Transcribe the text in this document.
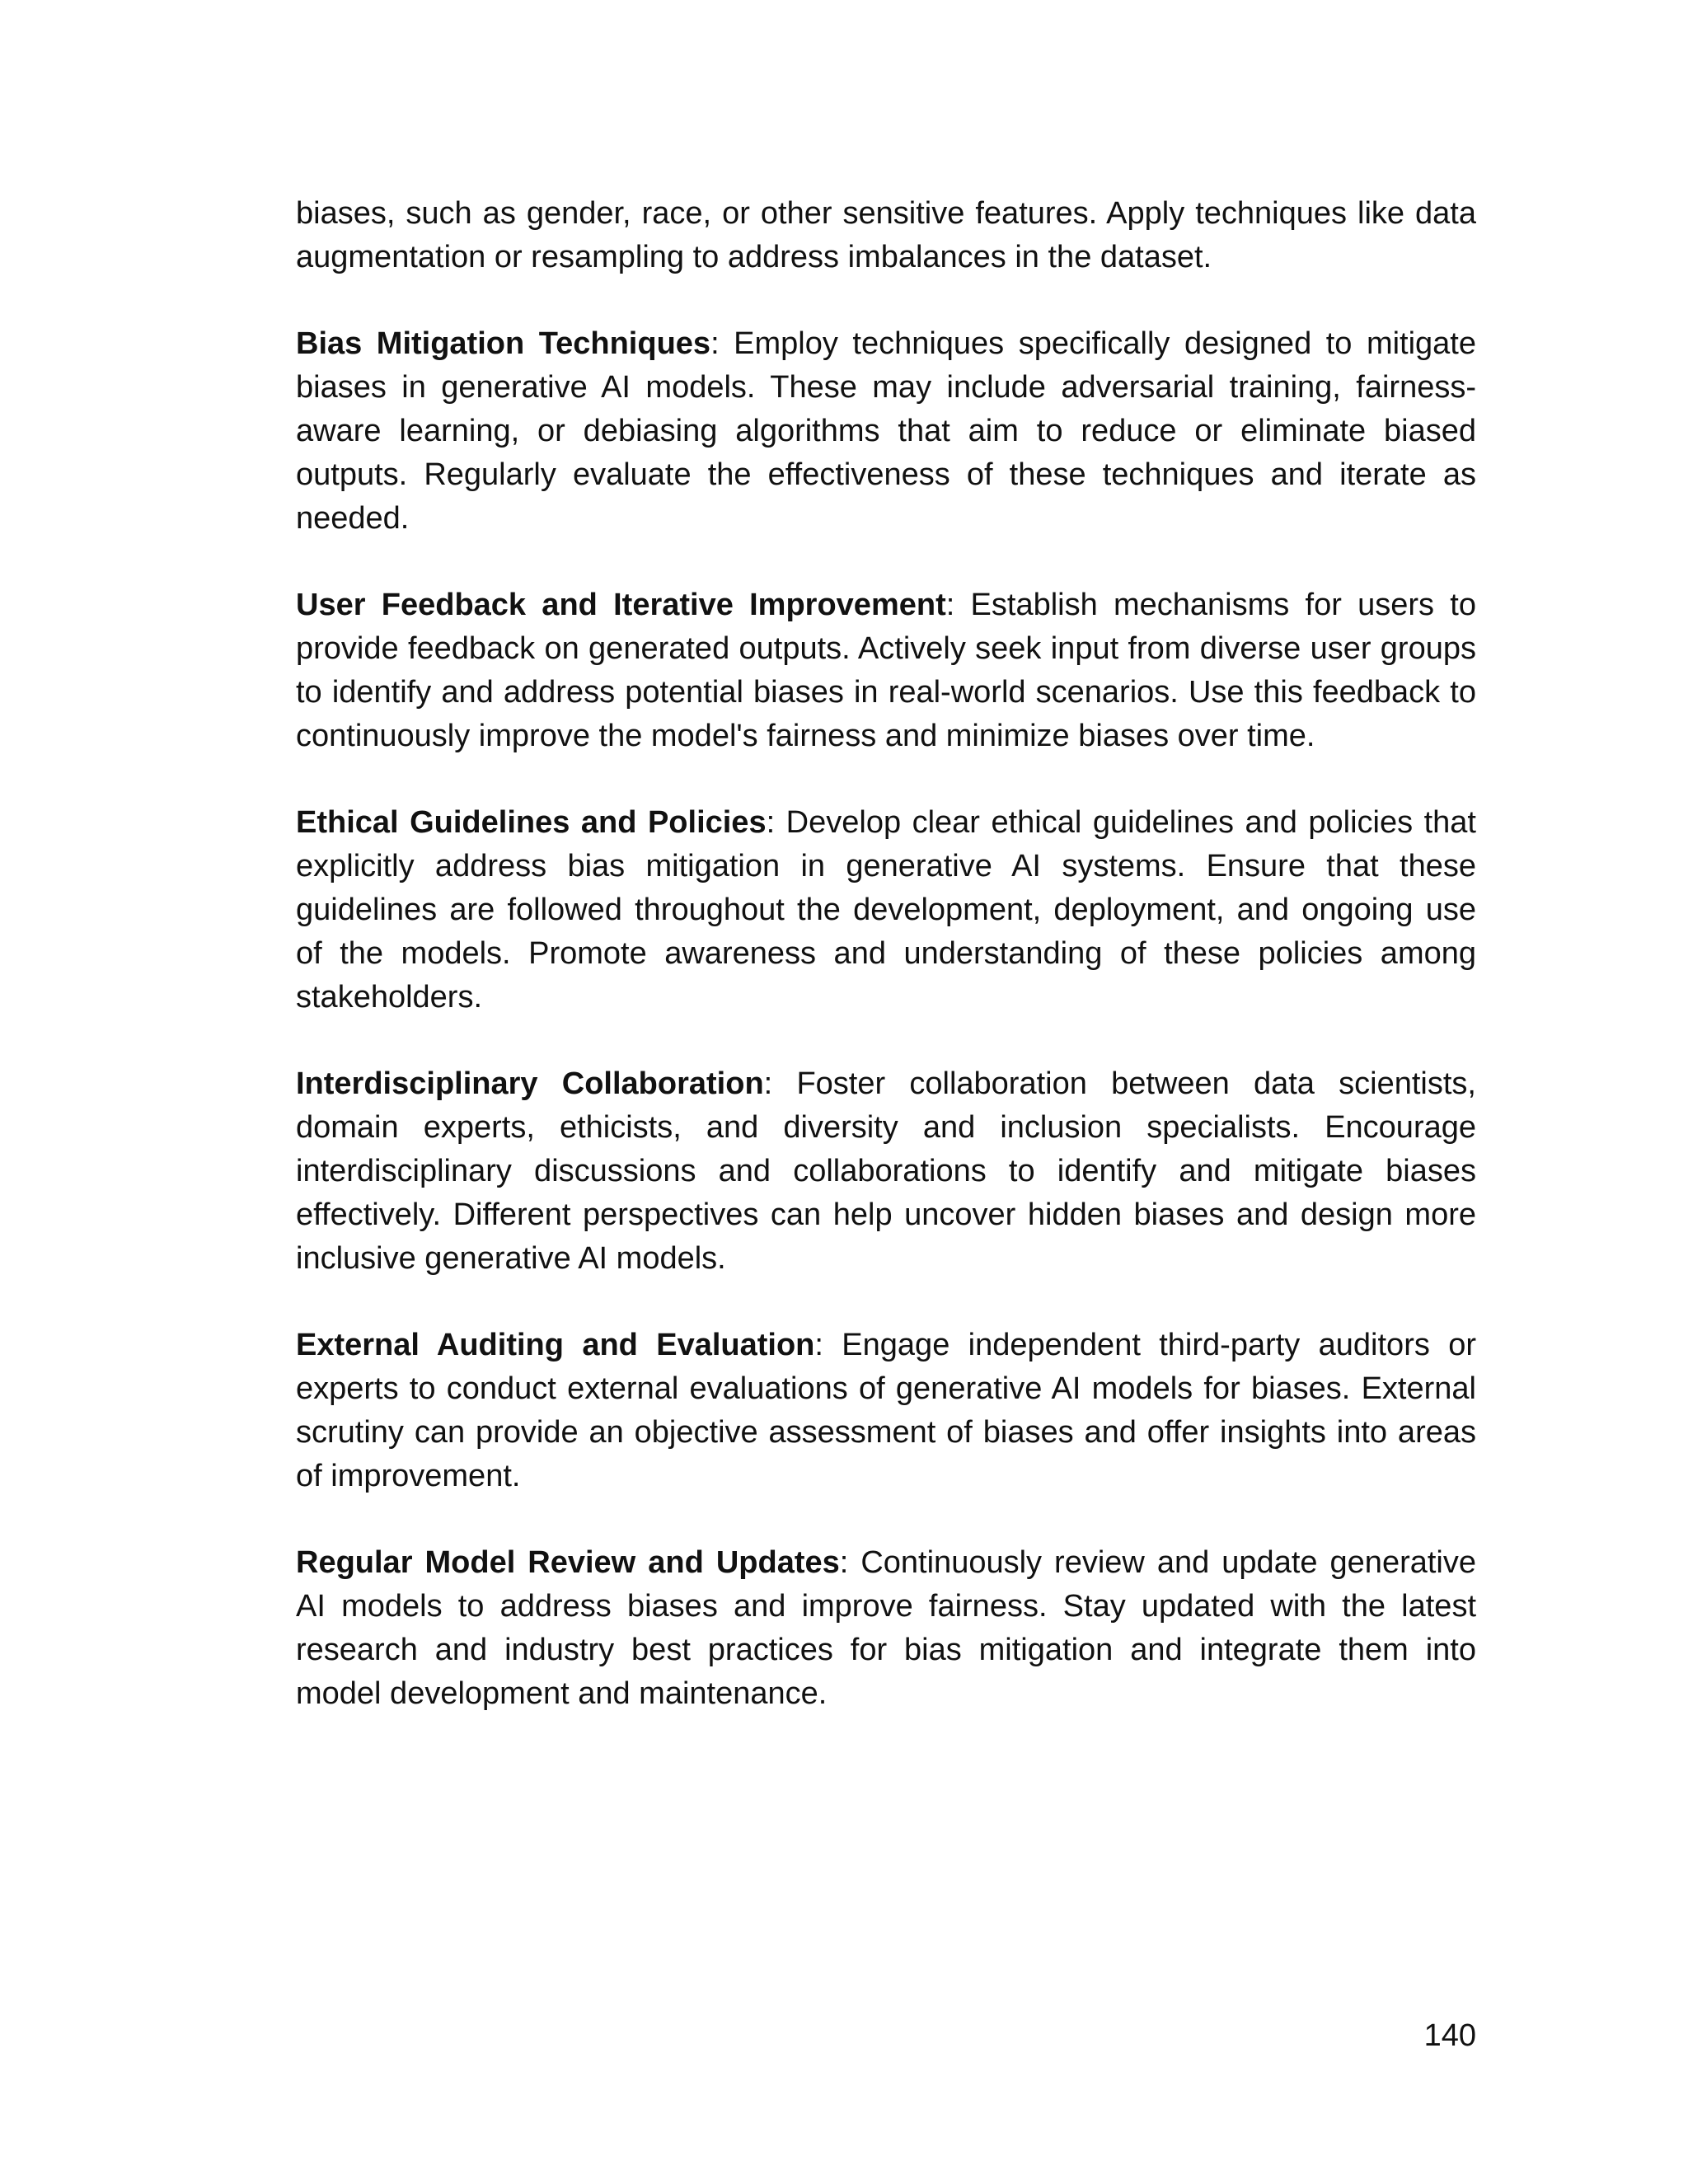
biases, such as gender, race, or other sensitive features. Apply techniques like data augmentation or resampling to address imbalances in the dataset.

Bias Mitigation Techniques: Employ techniques specifically designed to mitigate biases in generative AI models. These may include adversarial training, fairness-aware learning, or debiasing algorithms that aim to reduce or eliminate biased outputs. Regularly evaluate the effectiveness of these techniques and iterate as needed.

User Feedback and Iterative Improvement: Establish mechanisms for users to provide feedback on generated outputs. Actively seek input from diverse user groups to identify and address potential biases in real-world scenarios. Use this feedback to continuously improve the model's fairness and minimize biases over time.

Ethical Guidelines and Policies: Develop clear ethical guidelines and policies that explicitly address bias mitigation in generative AI systems. Ensure that these guidelines are followed throughout the development, deployment, and ongoing use of the models. Promote awareness and understanding of these policies among stakeholders.

Interdisciplinary Collaboration: Foster collaboration between data scientists, domain experts, ethicists, and diversity and inclusion specialists. Encourage interdisciplinary discussions and collaborations to identify and mitigate biases effectively. Different perspectives can help uncover hidden biases and design more inclusive generative AI models.

External Auditing and Evaluation: Engage independent third-party auditors or experts to conduct external evaluations of generative AI models for biases. External scrutiny can provide an objective assessment of biases and offer insights into areas of improvement.

Regular Model Review and Updates: Continuously review and update generative AI models to address biases and improve fairness. Stay updated with the latest research and industry best practices for bias mitigation and integrate them into model development and maintenance.

140
